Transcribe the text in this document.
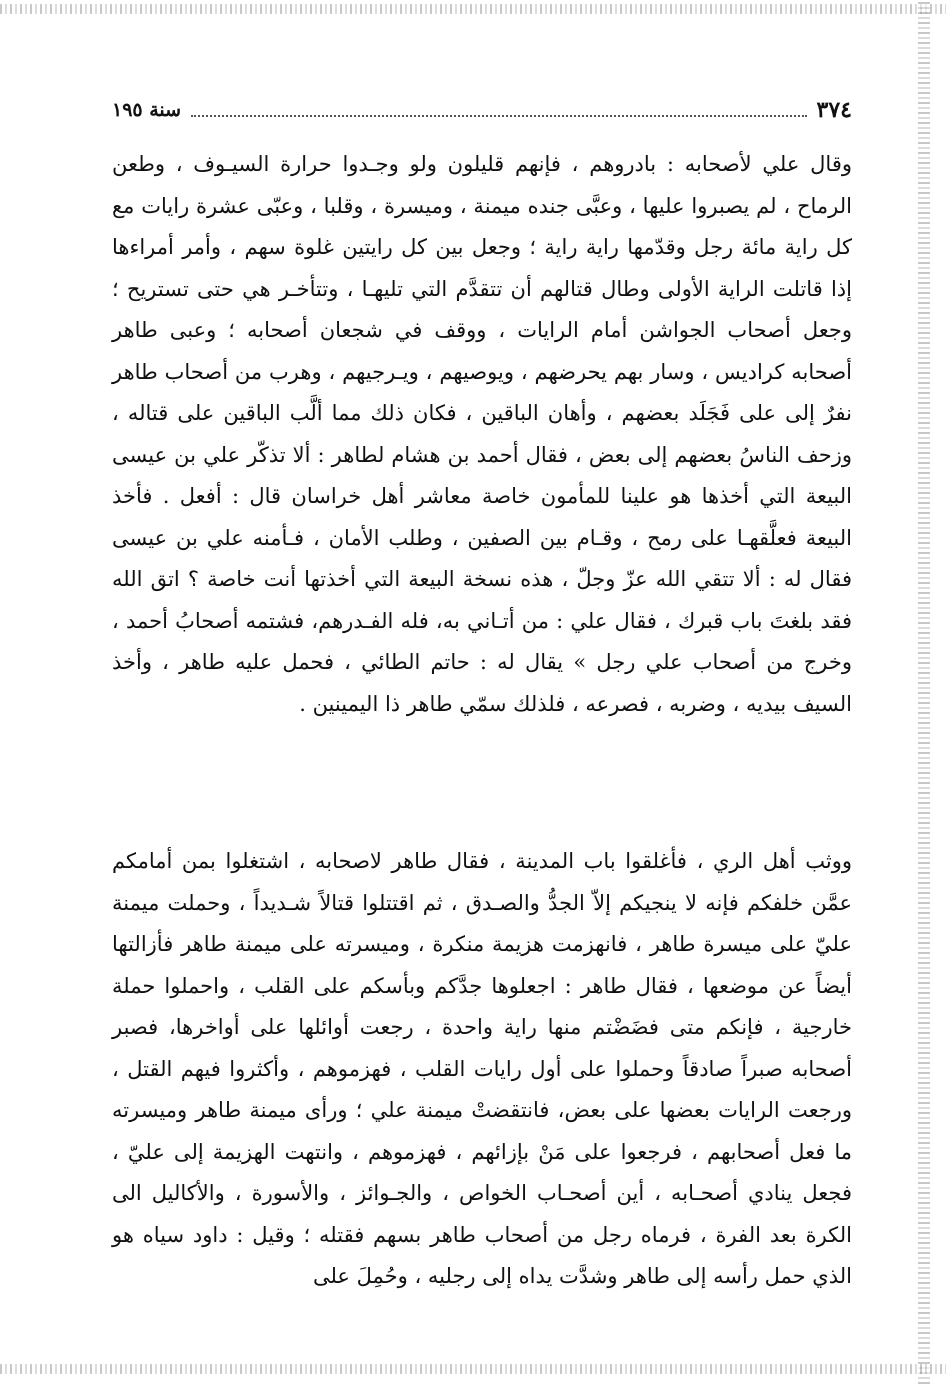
٣٧٤
سنة ١٩٥

وقال علي لأصحابه : بادروهم ، فإنهم قليلون ولو وجـدوا حرارة السيـوف ، وطعن الرماح ، لم يصبروا عليها ، وعبَّى جنده ميمنة ، وميسرة ، وقلبا ، وعبّى عشرة رايات مع كل راية مائة رجل وقدّمها راية راية ؛ وجعل بين كل رايتين غلوة سهم ، وأمر أمراءها إذا قاتلت الراية الأولى وطال قتالهم أن تتقدَّم التي تليهـا ، وتتأخـر هي حتى تستريح ؛ وجعل أصحاب الجواشن أمام الرايات ، ووقف في شجعان أصحابه ؛ وعبى طاهر أصحابه كراديس ، وسار بهم يحرضهم ، ويوصيهم ، ويـرجيهم ، وهرب من أصحاب طاهر نفرٌ إلى على فَجَلَد بعضهم ، وأهان الباقين ، فكان ذلك مما ألَّب الباقين على قتاله ، وزحف الناسُ بعضهم إلى بعض ، فقال أحمد بن هشام لطاهر : ألا تذكّر علي بن عيسى البيعة التي أخذها هو علينا للمأمون خاصة معاشر أهل خراسان قال : أفعل . فأخذ البيعة فعلَّقهـا على رمح ، وقـام بين الصفين ، وطلب الأمان ، فـأمنه علي بن عيسى فقال له : ألا تتقي الله عزّ وجلّ ، هذه نسخة البيعة التي أخذتها أنت خاصة ؟ اتق الله فقد بلغتَ باب قبرك ، فقال علي : من أتـاني به، فله الفـدرهم، فشتمه أصحابُ أحمد ، وخرج من أصحاب علي رجل » يقال له : حاتم الطائي ، فحمل عليه طاهر ، وأخذ السيف بيديه ، وضربه ، فصرعه ، فلذلك سمّي طاهر ذا اليمينين .

ووثب أهل الري ، فأغلقوا باب المدينة ، فقال طاهر لاصحابه ، اشتغلوا بمن أمامكم عمَّن خلفكم فإنه لا ينجيكم إلاّ الجدُّ والصـدق ، ثم اقتتلوا قتالاً شـديداً ، وحملت ميمنة عليّ على ميسرة طاهر ، فانهزمت هزيمة منكرة ، وميسرته على ميمنة طاهر فأزالتها أيضاً عن موضعها ، فقال طاهر : اجعلوها جدَّكم وبأسكم على القلب ، واحملوا حملة خارجية ، فإنكم متى فضَضْتم منها راية واحدة ، رجعت أوائلها على أواخرها، فصبر أصحابه صبراً صادقاً وحملوا على أول رايات القلب ، فهزموهم ، وأكثروا فيهم القتل ، ورجعت الرايات بعضها على بعض، فانتقضتْ ميمنة علي ؛ ورأى ميمنة طاهر وميسرته ما فعل أصحابهم ، فرجعوا على مَنْ بإزائهم ، فهزموهم ، وانتهت الهزيمة إلى عليّ ، فجعل ينادي أصحـابه ، أين أصحـاب الخواص ، والجـوائز ، والأسورة ، والأكاليل الى الكرة بعد الفرة ، فرماه رجل من أصحاب طاهر بسهم فقتله ؛ وقيل : داود سياه هو الذي حمل رأسه إلى طاهر وشدَّت يداه إلى رجليه ، وحُمِلَ على
